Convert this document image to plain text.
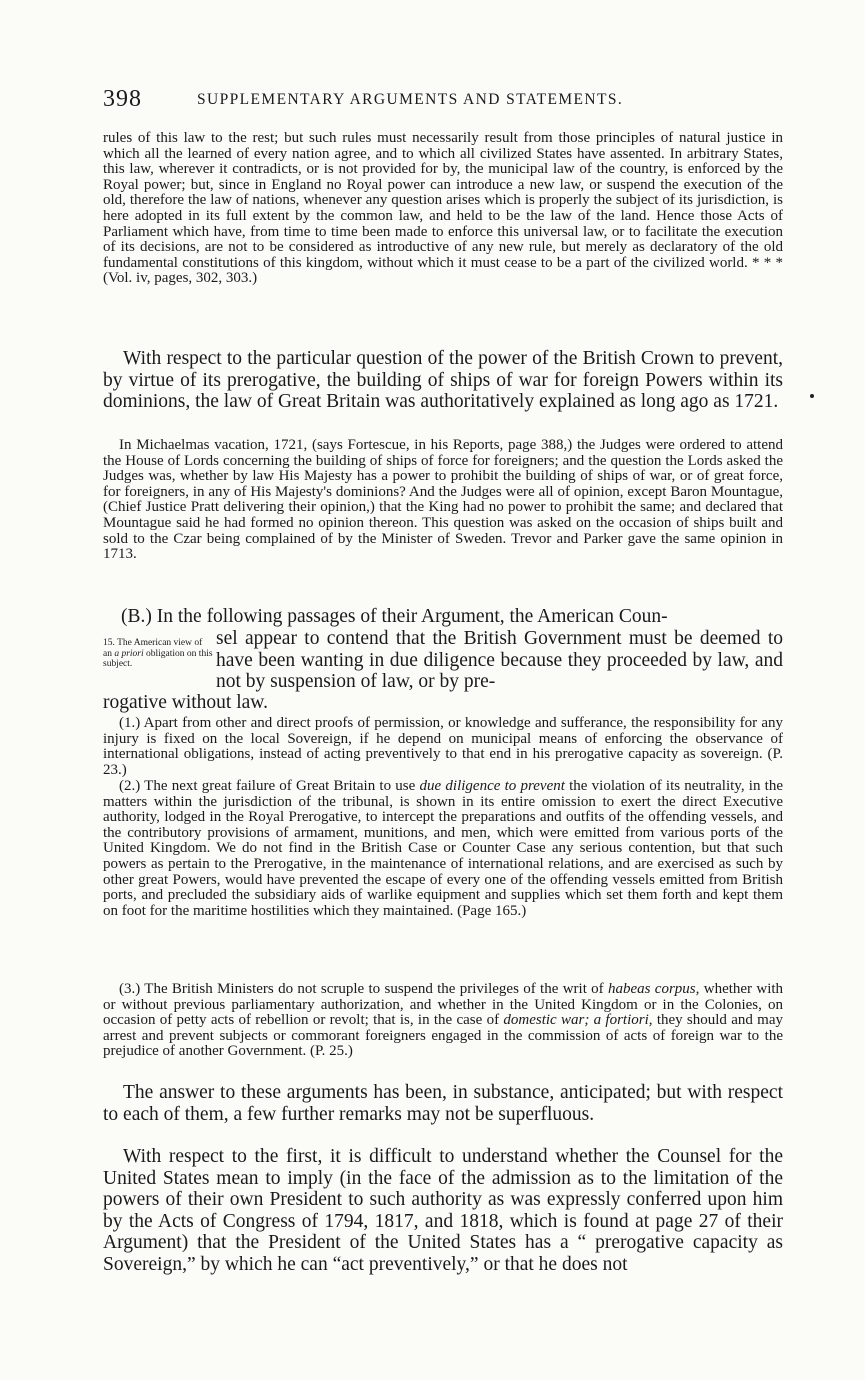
398	SUPPLEMENTARY ARGUMENTS AND STATEMENTS.

rules of this law to the rest; but such rules must necessarily result from those principles of natural justice in which all the learned of every nation agree, and to which all civilized States have assented. In arbitrary States, this law, wherever it contradicts, or is not provided for by, the municipal law of the country, is enforced by the Royal power; but, since in England no Royal power can introduce a new law, or suspend the execution of the old, therefore the law of nations, whenever any question arises which is properly the subject of its jurisdiction, is here adopted in its full extent by the common law, and held to be the law of the land. Hence those Acts of Parliament which have, from time to time been made to enforce this universal law, or to facilitate the execution of its decisions, are not to be considered as introductive of any new rule, but merely as declaratory of the old fundamental constitutions of this kingdom, without which it must cease to be a part of the civilized world. * * * (Vol. iv, pages, 302, 303.)

With respect to the particular question of the power of the British Crown to prevent, by virtue of its prerogative, the building of ships of war for foreign Powers within its dominions, the law of Great Britain was authoritatively explained as long ago as 1721.

In Michaelmas vacation, 1721, (says Fortescue, in his Reports, page 388,) the Judges were ordered to attend the House of Lords concerning the building of ships of force for foreigners; and the question the Lords asked the Judges was, whether by law His Majesty has a power to prohibit the building of ships of war, or of great force, for foreigners, in any of His Majesty's dominions? And the Judges were all of opinion, except Baron Mountague, (Chief Justice Pratt delivering their opinion,) that the King had no power to prohibit the same; and declared that Mountague said he had formed no opinion thereon. This question was asked on the occasion of ships built and sold to the Czar being complained of by the Minister of Sweden. Trevor and Parker gave the same opinion in 1713.

(B.) In the following passages of their Argument, the American Coun-

15. The American view of an a priori obligation on this subject.

sel appear to contend that the British Government must be deemed to have been wanting in due diligence because they proceeded by law, and not by suspension of law, or by pre-

rogative without law.

(1.) Apart from other and direct proofs of permission, or knowledge and sufferance, the responsibility for any injury is fixed on the local Sovereign, if he depend on municipal means of enforcing the observance of international obligations, instead of acting preventively to that end in his prerogative capacity as sovereign. (P. 23.)

(2.) The next great failure of Great Britain to use due diligence to prevent the violation of its neutrality, in the matters within the jurisdiction of the tribunal, is shown in its entire omission to exert the direct Executive authority, lodged in the Royal Prerogative, to intercept the preparations and outfits of the offending vessels, and the contributory provisions of armament, munitions, and men, which were emitted from various ports of the United Kingdom. We do not find in the British Case or Counter Case any serious contention, but that such powers as pertain to the Prerogative, in the maintenance of international relations, and are exercised as such by other great Powers, would have prevented the escape of every one of the offending vessels emitted from British ports, and precluded the subsidiary aids of warlike equipment and supplies which set them forth and kept them on foot for the maritime hostilities which they maintained. (Page 165.)

(3.) The British Ministers do not scruple to suspend the privileges of the writ of habeas corpus, whether with or without previous parliamentary authorization, and whether in the United Kingdom or in the Colonies, on occasion of petty acts of rebellion or revolt; that is, in the case of domestic war; a fortiori, they should and may arrest and prevent subjects or commorant foreigners engaged in the commission of acts of foreign war to the prejudice of another Government. (P. 25.)

The answer to these arguments has been, in substance, anticipated; but with respect to each of them, a few further remarks may not be superfluous.

With respect to the first, it is difficult to understand whether the Counsel for the United States mean to imply (in the face of the admission as to the limitation of the powers of their own President to such authority as was expressly conferred upon him by the Acts of Congress of 1794, 1817, and 1818, which is found at page 27 of their Argument) that the President of the United States has a “ prerogative capacity as Sovereign,” by which he can “act preventively,” or that he does not
